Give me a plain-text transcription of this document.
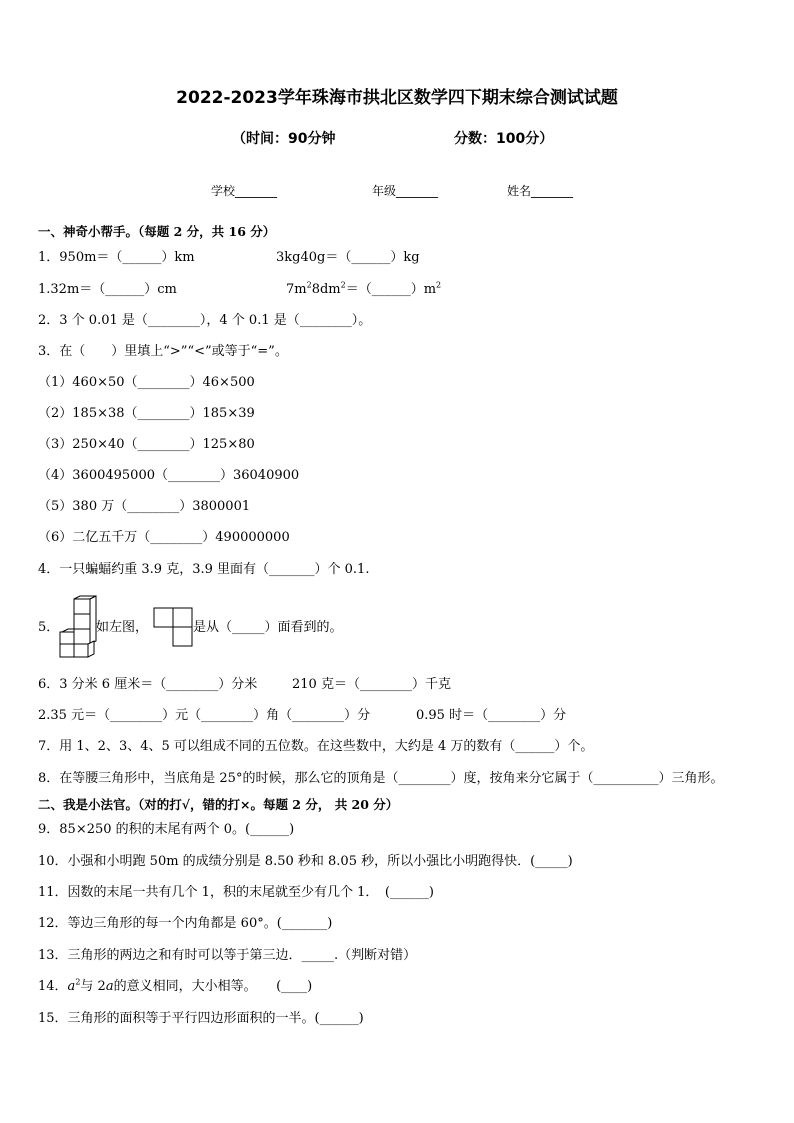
2022-2023学年珠海市拱北区数学四下期末综合测试试题
（时间：90分钟	分数：100分）
学校_______	年级_______	姓名_______
一、神奇小帮手。（每题 2 分，共 16 分）
1．950m＝（______）km	3kg40g＝（______）kg
1.32m＝（______）cm	$7m^28dm^2=(\_\_\_\_\_\_)m^2$
2．3 个 0.01 是（________），4 个 0.1 是（________）。
3．在（　　）里填上“>”“<”或等于“=”。
（1）460×50（________）46×500
（2）185×38（________）185×39
（3）250×40（________）125×80
（4）3600495000（________）36040900
（5）380 万（________）3800001
（6）二亿五千万（________）490000000
4．一只蝙蝠约重 3.9 克，3.9 里面有（_______）个 0.1.
5．	如左图，	是从（_____）面看到的。
6．3 分米 6 厘米＝（________）分米	210 克＝（________）千克
2.35 元＝（________）元（________）角（________）分	0.95 时＝（________）分
7．用 1、2、3、4、5 可以组成不同的五位数。在这些数中，大约是 4 万的数有（______）个。
8．在等腰三角形中，当底角是 25°的时候，那么它的顶角是（________）度，按角来分它属于（__________）三角形。
二、我是小法官。（对的打√，错的打×。每题 2 分， 共 20 分）
9．85×250 的积的末尾有两个 0。(______)
10．小强和小明跑 50m 的成绩分别是 8.50 秒和 8.05 秒，所以小强比小明跑得快．(_____)
11．因数的末尾一共有几个 1，积的末尾就至少有几个 1．　(______)
12．等边三角形的每一个内角都是 60°。(_______)
13．三角形的两边之和有时可以等于第三边．_____.（判断对错）
14．$a^2$与 2a的意义相同，大小相等。　　(____)
15．三角形的面积等于平行四边形面积的一半。(______)
